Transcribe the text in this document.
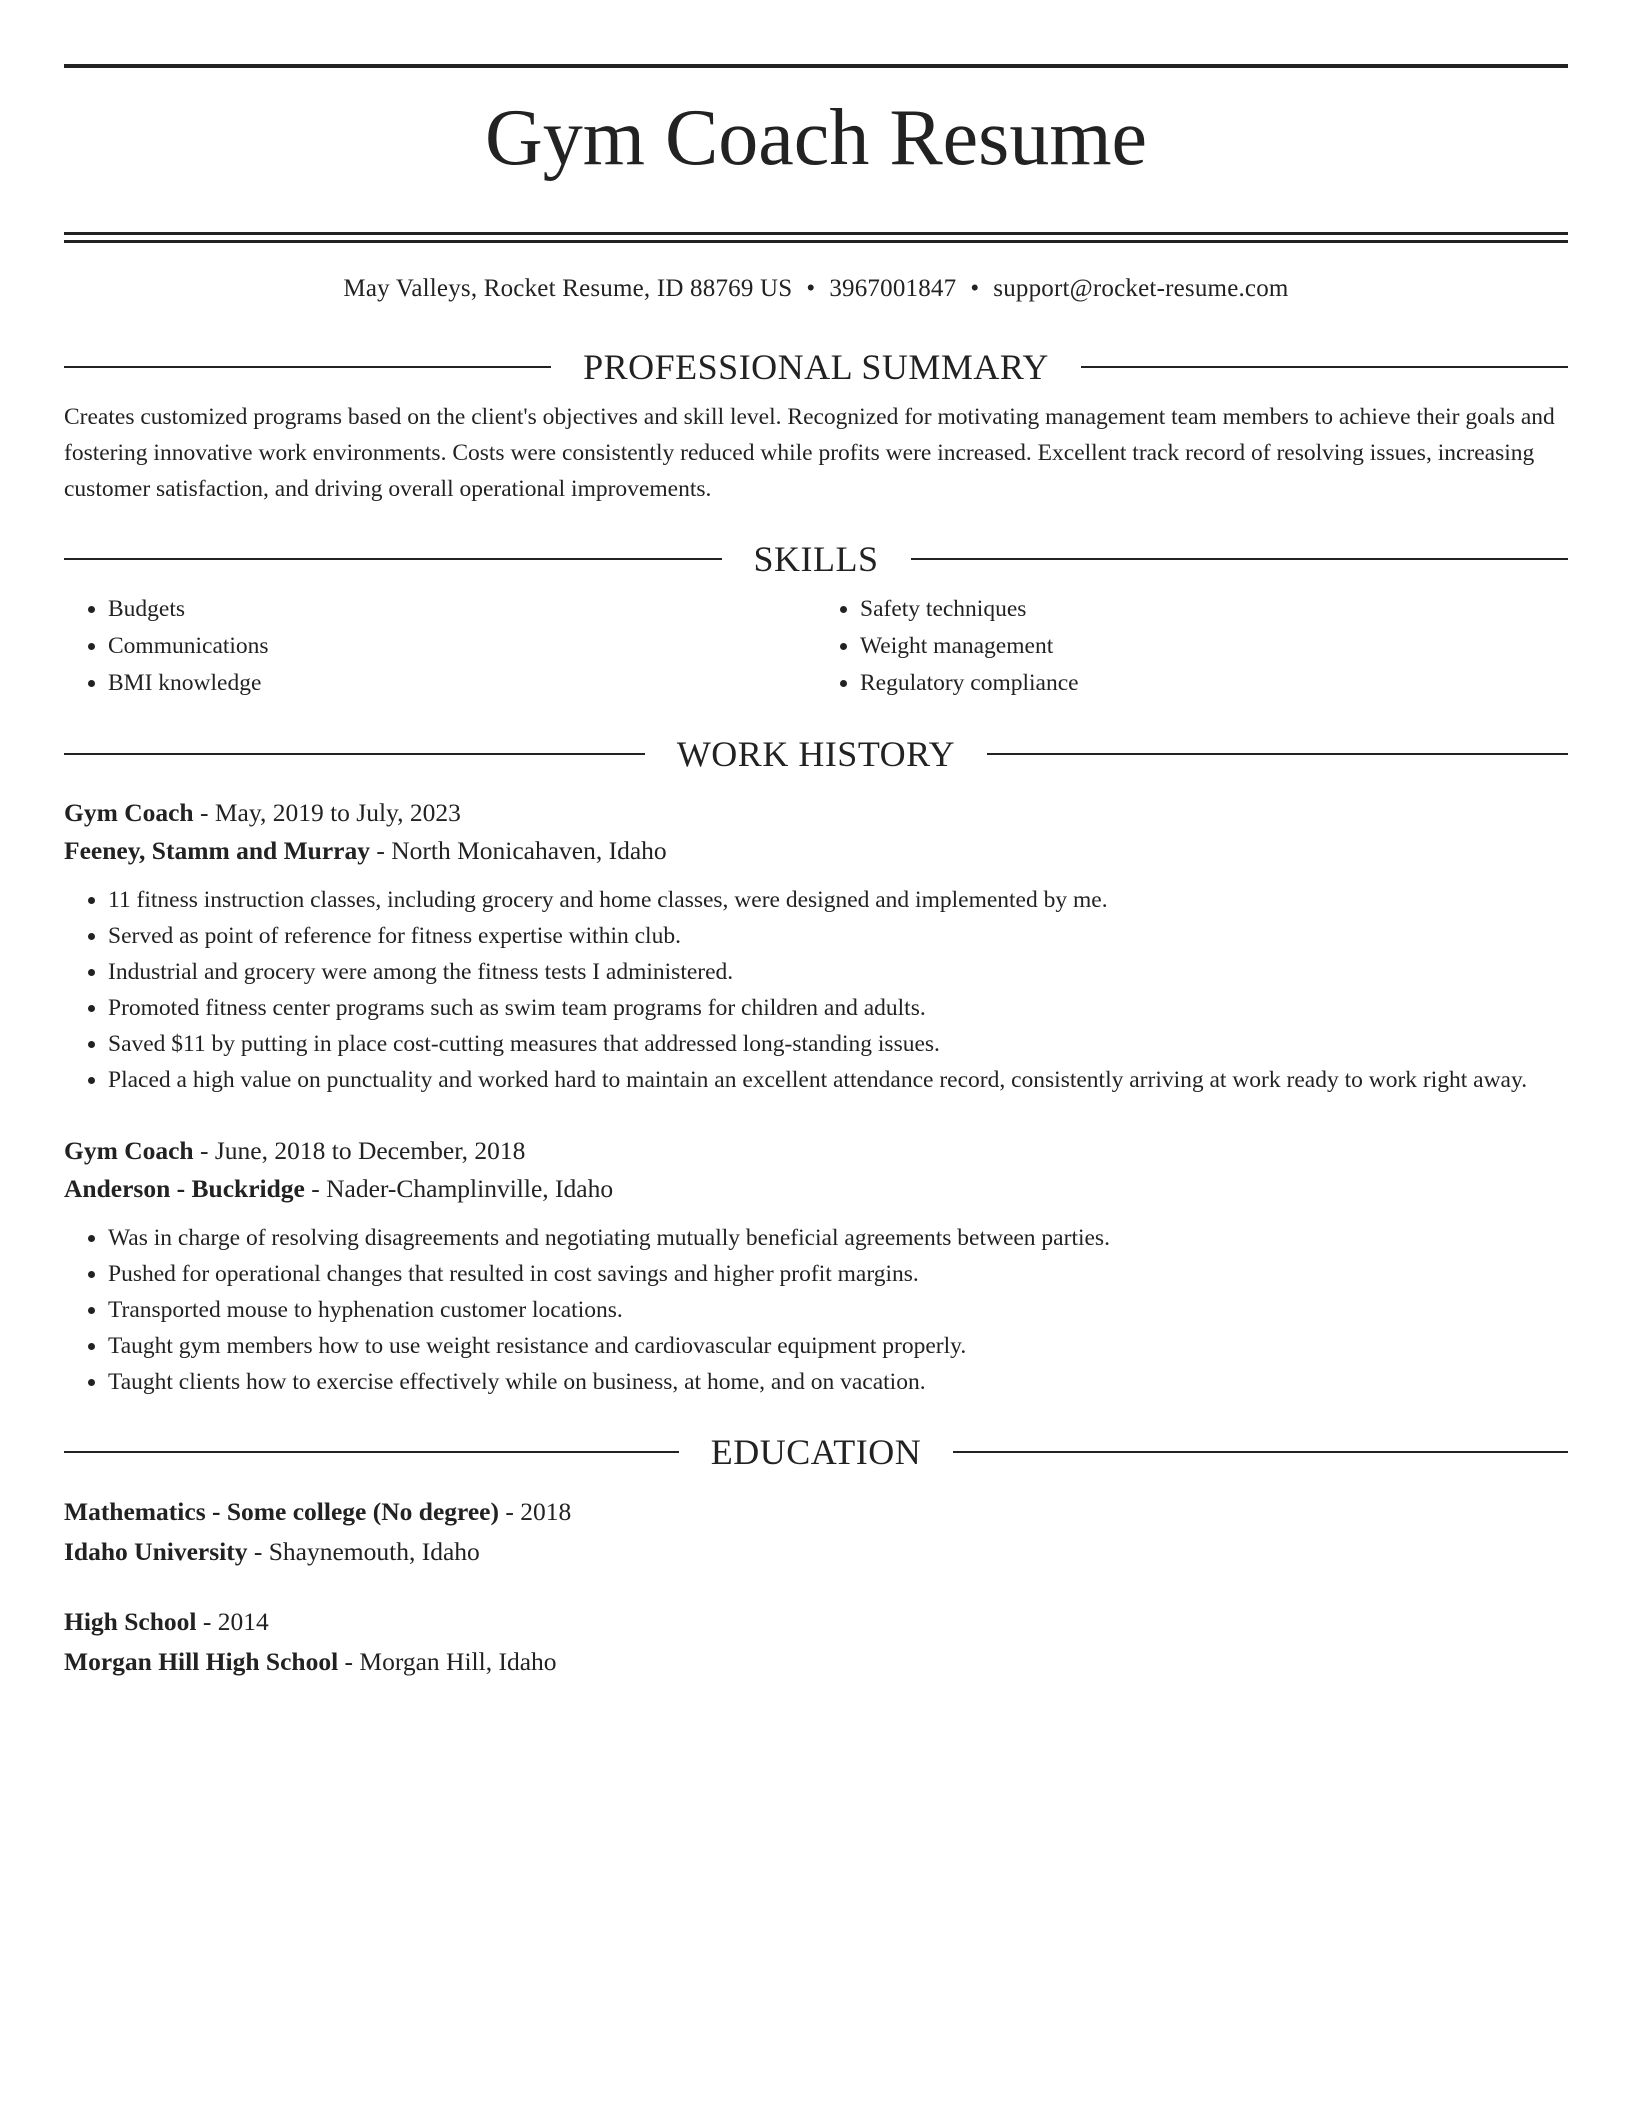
Gym Coach Resume
May Valleys, Rocket Resume, ID 88769 US • 3967001847 • support@rocket-resume.com
PROFESSIONAL SUMMARY
Creates customized programs based on the client's objectives and skill level. Recognized for motivating management team members to achieve their goals and fostering innovative work environments. Costs were consistently reduced while profits were increased. Excellent track record of resolving issues, increasing customer satisfaction, and driving overall operational improvements.
SKILLS
• Budgets
• Communications
• BMI knowledge
• Safety techniques
• Weight management
• Regulatory compliance
WORK HISTORY
Gym Coach - May, 2019 to July, 2023
Feeney, Stamm and Murray - North Monicahaven, Idaho
• 11 fitness instruction classes, including grocery and home classes, were designed and implemented by me.
• Served as point of reference for fitness expertise within club.
• Industrial and grocery were among the fitness tests I administered.
• Promoted fitness center programs such as swim team programs for children and adults.
• Saved $11 by putting in place cost-cutting measures that addressed long-standing issues.
• Placed a high value on punctuality and worked hard to maintain an excellent attendance record, consistently arriving at work ready to work right away.
Gym Coach - June, 2018 to December, 2018
Anderson - Buckridge - Nader-Champlinville, Idaho
• Was in charge of resolving disagreements and negotiating mutually beneficial agreements between parties.
• Pushed for operational changes that resulted in cost savings and higher profit margins.
• Transported mouse to hyphenation customer locations.
• Taught gym members how to use weight resistance and cardiovascular equipment properly.
• Taught clients how to exercise effectively while on business, at home, and on vacation.
EDUCATION
Mathematics - Some college (No degree) - 2018
Idaho University - Shaynemouth, Idaho
High School - 2014
Morgan Hill High School - Morgan Hill, Idaho
